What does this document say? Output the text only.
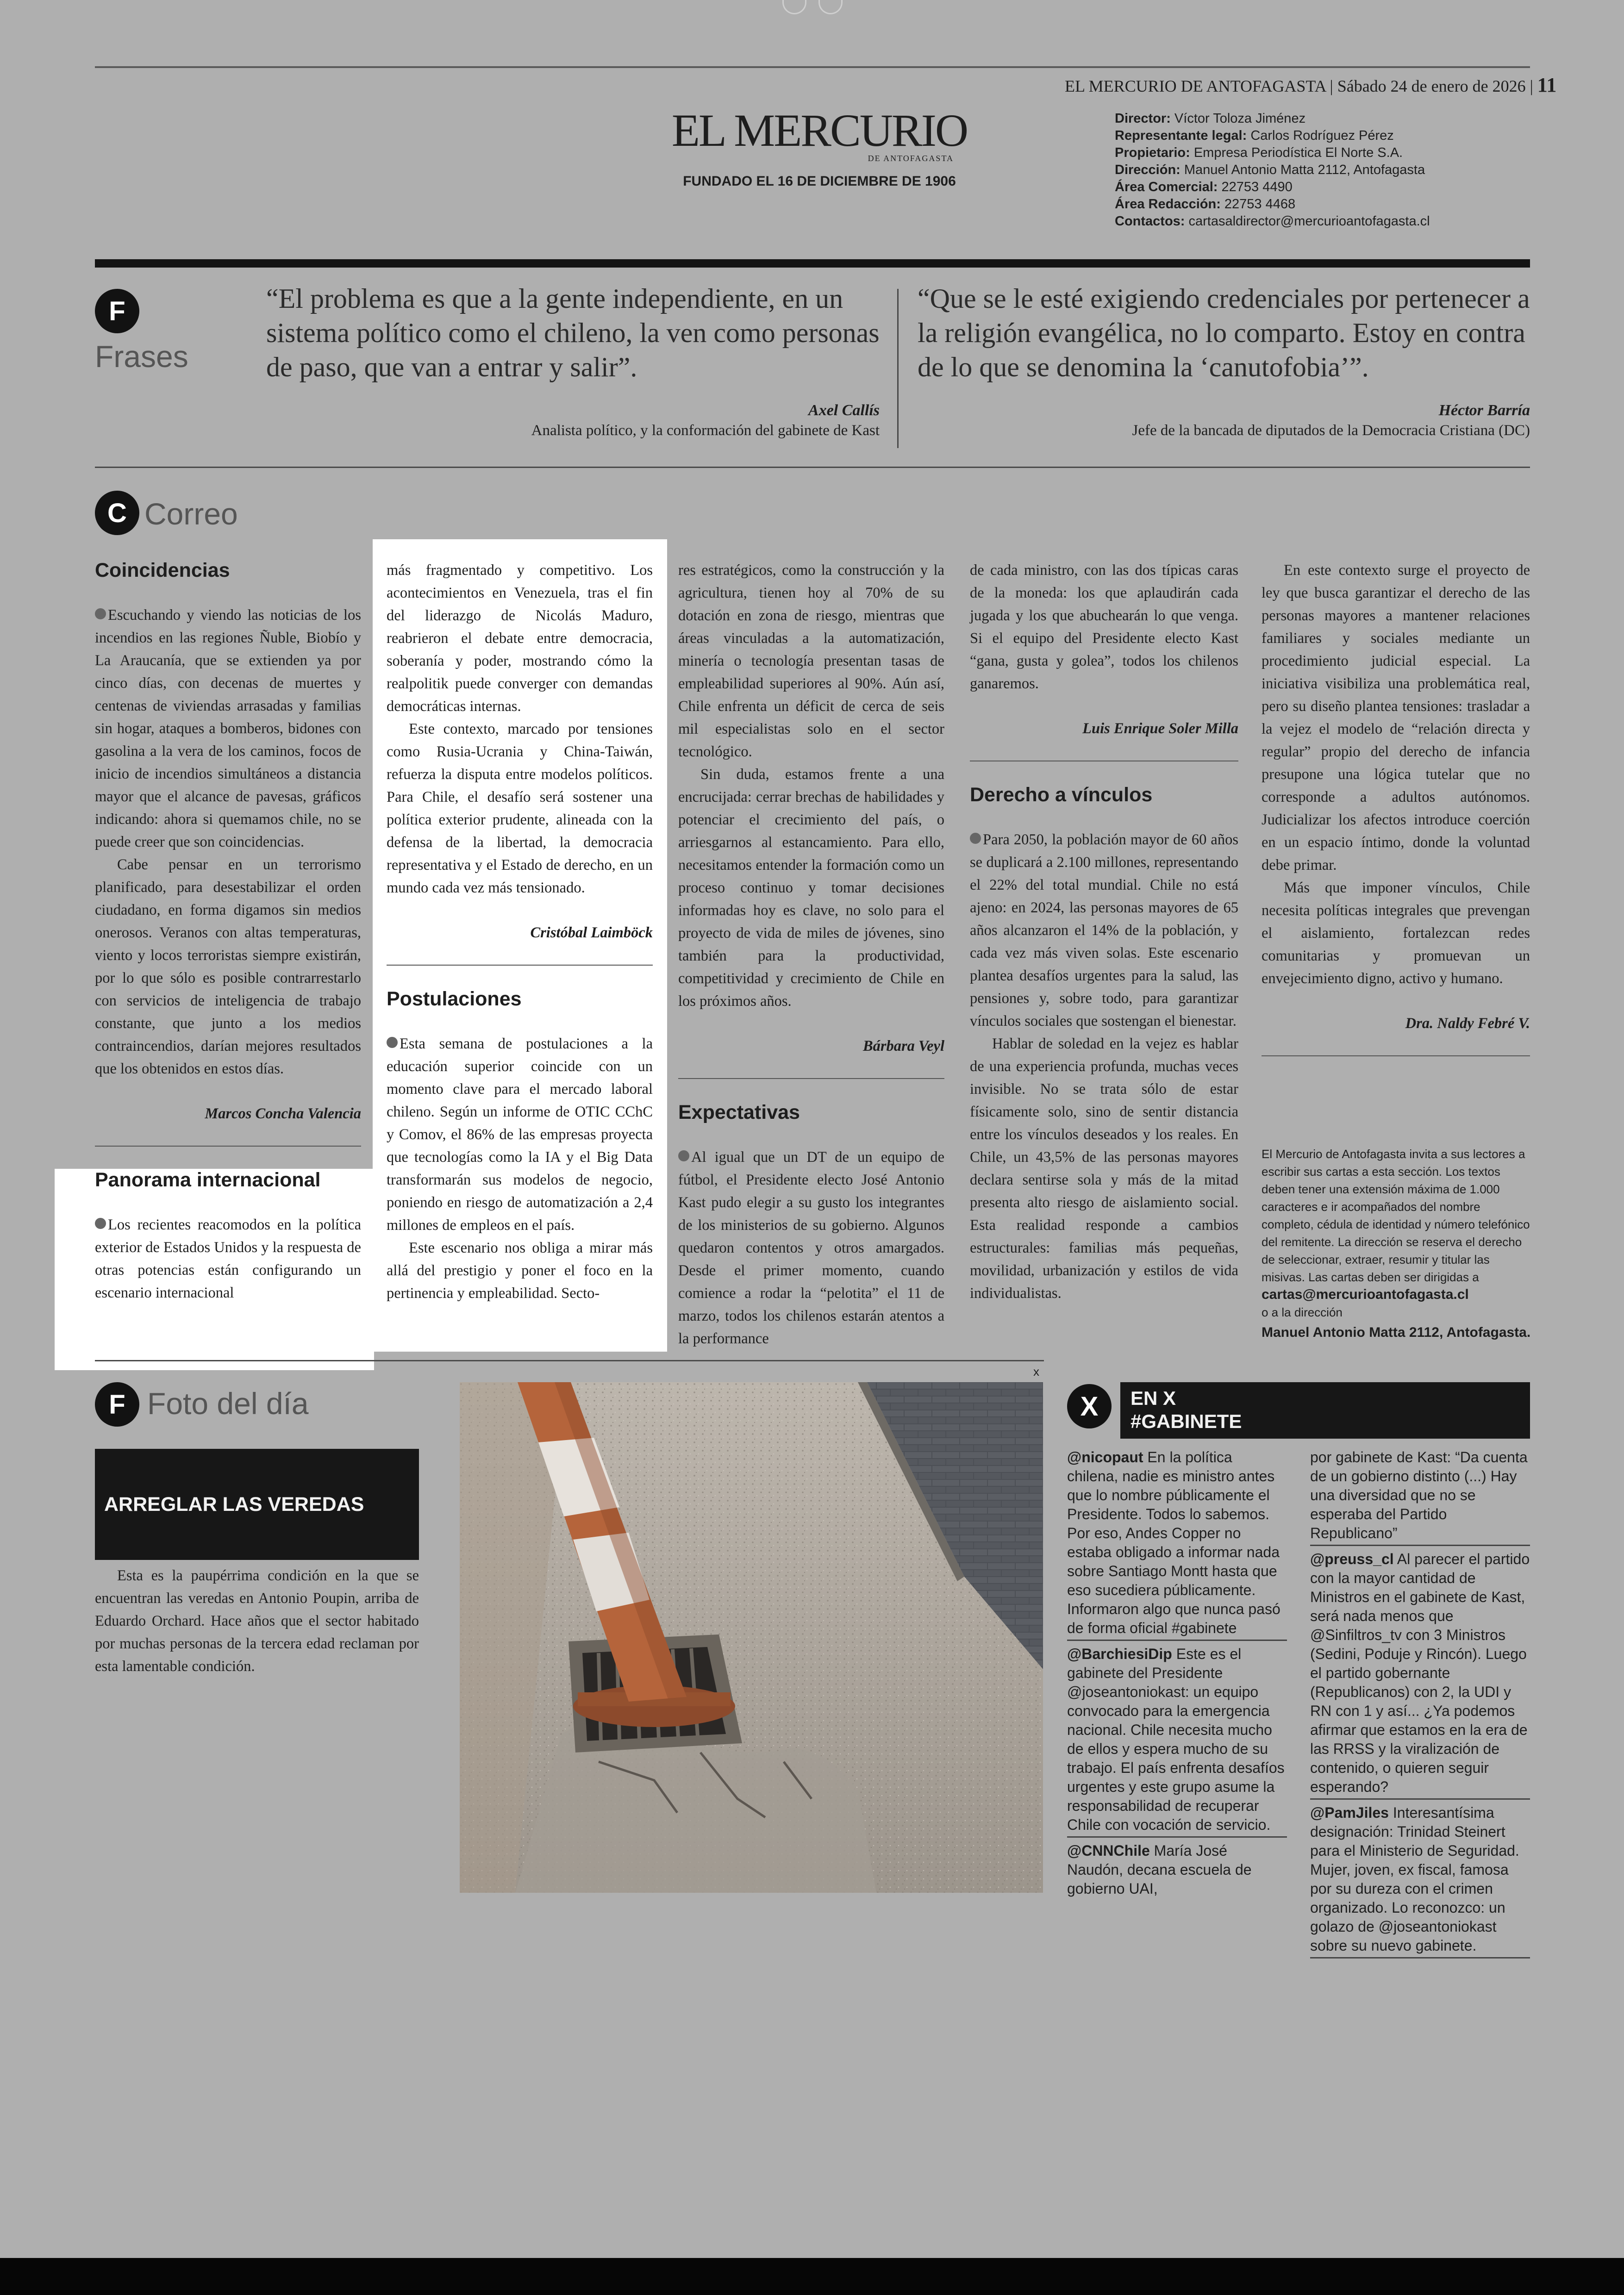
EL MERCURIO DE ANTOFAGASTA | Sábado 24 de enero de 2026 | 11
EL MERCURIO
DE ANTOFAGASTA
FUNDADO EL 16 DE DICIEMBRE DE 1906
Director: Víctor Toloza Jiménez
Representante legal: Carlos Rodríguez Pérez
Propietario: Empresa Periodística El Norte S.A.
Dirección: Manuel Antonio Matta 2112, Antofagasta
Área Comercial: 22753 4490
Área Redacción: 22753 4468
Contactos: cartasaldirector@mercurioantofagasta.cl
F
Frases
“El problema es que a la gente independiente, en un sistema político como el chileno, la ven como personas de paso, que van a entrar y salir”.
Axel Callís
Analista político, y la conformación del gabinete de Kast
“Que se le esté exigiendo credenciales por pertenecer a la religión evangélica, no lo comparto. Estoy en contra de lo que se denomina la ‘canutofobia’”.
Héctor Barría
Jefe de la bancada de diputados de la Democracia Cristiana (DC)
C Correo
Coincidencias

Escuchando y viendo las noticias de los incendios en las regiones Ñuble, Biobío y La Araucanía, que se extienden ya por cinco días, con decenas de muertes y centenas de viviendas arrasadas y familias sin hogar, ataques a bomberos, bidones con gasolina a la vera de los caminos, focos de inicio de incendios simultáneos a distancia mayor que el alcance de pavesas, gráficos indicando: ahora si quemamos chile, no se puede creer que son coincidencias.

Cabe pensar en un terrorismo planificado, para desestabilizar el orden ciudadano, en forma digamos sin medios onerosos. Veranos con altas temperaturas, viento y locos terroristas siempre existirán, por lo que sólo es posible contrarrestarlo con servicios de inteligencia de trabajo constante, que junto a los medios contraincendios, darían mejores resultados que los obtenidos en estos días.

Marcos Concha Valencia
Panorama internacional

Los recientes reacomodos en la política exterior de Estados Unidos y la respuesta de otras potencias están configurando un escenario internacional

más fragmentado y competitivo. Los acontecimientos en Venezuela, tras el fin del liderazgo de Nicolás Maduro, reabrieron el debate entre democracia, soberanía y poder, mostrando cómo la realpolitik puede converger con demandas democráticas internas.

Este contexto, marcado por tensiones como Rusia-Ucrania y China-Taiwán, refuerza la disputa entre modelos políticos. Para Chile, el desafío será sostener una política exterior prudente, alineada con la defensa de la libertad, la democracia representativa y el Estado de derecho, en un mundo cada vez más tensionado.

Cristóbal Laimböck
Postulaciones

Esta semana de postulaciones a la educación superior coincide con un momento clave para el mercado laboral chileno. Según un informe de OTIC CChC y Comov, el 86% de las empresas proyecta que tecnologías como la IA y el Big Data transformarán sus modelos de negocio, poniendo en riesgo de automatización a 2,4 millones de empleos en el país.

Este escenario nos obliga a mirar más allá del prestigio y poner el foco en la pertinencia y empleabilidad. Secto-

res estratégicos, como la construcción y la agricultura, tienen hoy al 70% de su dotación en zona de riesgo, mientras que áreas vinculadas a la automatización, minería o tecnología presentan tasas de empleabilidad superiores al 90%. Aún así, Chile enfrenta un déficit de cerca de seis mil especialistas solo en el sector tecnológico.

Sin duda, estamos frente a una encrucijada: cerrar brechas de habilidades y potenciar el crecimiento del país, o arriesgarnos al estancamiento. Para ello, necesitamos entender la formación como un proceso continuo y tomar decisiones informadas hoy es clave, no solo para el proyecto de vida de miles de jóvenes, sino también para la productividad, competitividad y crecimiento de Chile en los próximos años.

Bárbara Veyl
Expectativas

Al igual que un DT de un equipo de fútbol, el Presidente electo José Antonio Kast pudo elegir a su gusto los integrantes de los ministerios de su gobierno. Algunos quedaron contentos y otros amargados. Desde el primer momento, cuando comience a rodar la “pelotita” el 11 de marzo, todos los chilenos estarán atentos a la performance

de cada ministro, con las dos típicas caras de la moneda: los que aplaudirán cada jugada y los que abuchearán lo que venga. Si el equipo del Presidente electo Kast “gana, gusta y golea”, todos los chilenos ganaremos.

Luis Enrique Soler Milla
Derecho a vínculos

Para 2050, la población mayor de 60 años se duplicará a 2.100 millones, representando el 22% del total mundial. Chile no está ajeno: en 2024, las personas mayores de 65 años alcanzaron el 14% de la población, y cada vez más viven solas. Este escenario plantea desafíos urgentes para la salud, las pensiones y, sobre todo, para garantizar vínculos sociales que sostengan el bienestar.

Hablar de soledad en la vejez es hablar de una experiencia profunda, muchas veces invisible. No se trata sólo de estar físicamente solo, sino de sentir distancia entre los vínculos deseados y los reales. En Chile, un 43,5% de las personas mayores declara sentirse sola y más de la mitad presenta alto riesgo de aislamiento social. Esta realidad responde a cambios estructurales: familias más pequeñas, movilidad, urbanización y estilos de vida individualistas.

En este contexto surge el proyecto de ley que busca garantizar el derecho de las personas mayores a mantener relaciones familiares y sociales mediante un procedimiento judicial especial. La iniciativa visibiliza una problemática real, pero su diseño plantea tensiones: trasladar a la vejez el modelo de “relación directa y regular” propio del derecho de infancia presupone una lógica tutelar que no corresponde a adultos autónomos. Judicializar los afectos introduce coerción en un espacio íntimo, donde la voluntad debe primar.

Más que imponer vínculos, Chile necesita políticas integrales que prevengan el aislamiento, fortalezcan redes comunitarias y promuevan un envejecimiento digno, activo y humano.

Dra. Naldy Febré V.
El Mercurio de Antofagasta invita a sus lectores a escribir sus cartas a esta sección. Los textos deben tener una extensión máxima de 1.000 caracteres e ir acompañados del nombre completo, cédula de identidad y número telefónico del remitente. La dirección se reserva el derecho de seleccionar, extraer, resumir y titular las misivas. Las cartas deben ser dirigidas a
cartas@mercurioantofagasta.cl
o a la dirección
Manuel Antonio Matta 2112, Antofagasta.
x
F Foto del día
ARREGLAR LAS VEREDAS

Esta es la paupérrima condición en la que se encuentran las veredas en Antonio Poupin, arriba de Eduardo Orchard. Hace años que el sector habitado por muchas personas de la tercera edad reclaman por esta lamentable condición.

X	EN X
#GABINETE
@nicopaut En la política chilena, nadie es ministro antes que lo nombre públicamente el Presidente. Todos lo sabemos. Por eso, Andes Copper no estaba obligado a informar nada sobre Santiago Montt hasta que eso sucediera públicamente. Informaron algo que nunca pasó de forma oficial #gabinete
@BarchiesiDip Este es el gabinete del Presidente @joseantoniokast: un equipo convocado para la emergencia nacional. Chile necesita mucho de ellos y espera mucho de su trabajo. El país enfrenta desafíos urgentes y este grupo asume la responsabilidad de recuperar Chile con vocación de servicio.
@CNNChile María José Naudón, decana escuela de gobierno UAI,
por gabinete de Kast: “Da cuenta de un gobierno distinto (...) Hay una diversidad que no se esperaba del Partido Republicano”
@preuss_cl Al parecer el partido con la mayor cantidad de Ministros en el gabinete de Kast, será nada menos que @Sinfiltros_tv con 3 Ministros (Sedini, Poduje y Rincón). Luego el partido gobernante (Republicanos) con 2, la UDI y RN con 1 y así... ¿Ya podemos afirmar que estamos en la era de las RRSS y la viralización de contenido, o quieren seguir esperando?
@PamJiles Interesantísima designación: Trinidad Steinert para el Ministerio de Seguridad. Mujer, joven, ex fiscal, famosa por su dureza con el crimen organizado. Lo reconozco: un golazo de @joseantoniokast sobre su nuevo gabinete.
